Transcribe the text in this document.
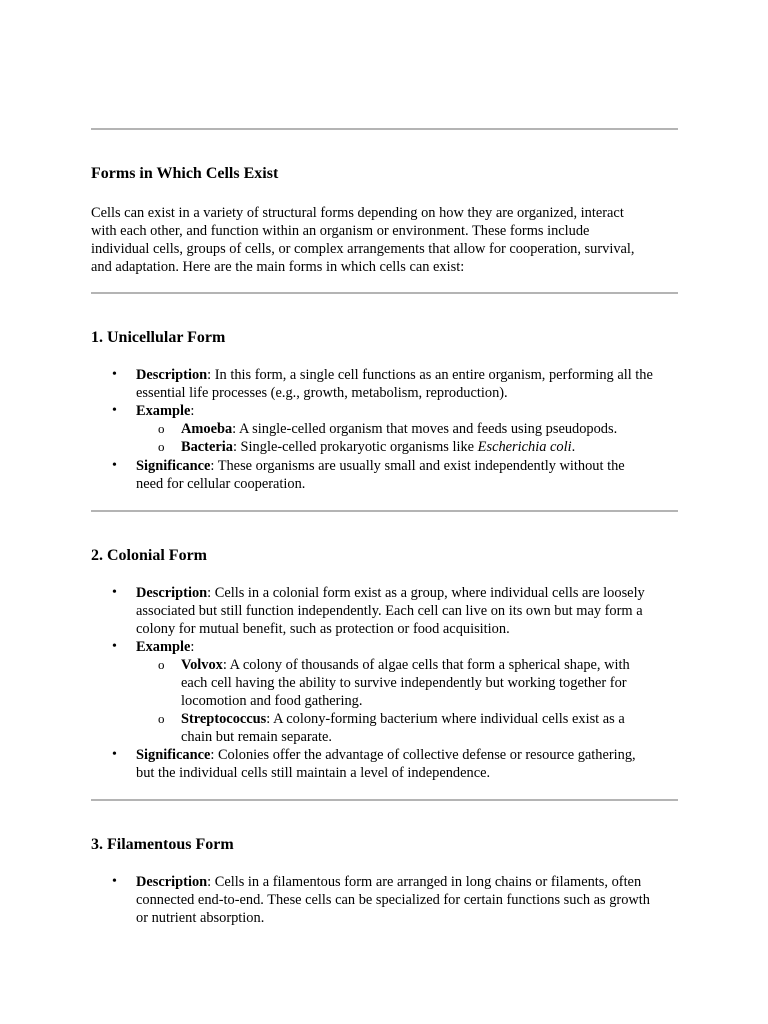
Forms in Which Cells Exist
Cells can exist in a variety of structural forms depending on how they are organized, interact
with each other, and function within an organism or environment. These forms include
individual cells, groups of cells, or complex arrangements that allow for cooperation, survival,
and adaptation. Here are the main forms in which cells can exist:
1. Unicellular Form
•	Description: In this form, a single cell functions as an entire organism, performing all the
essential life processes (e.g., growth, metabolism, reproduction).
•	Example:
o Amoeba: A single-celled organism that moves and feeds using pseudopods.
o Bacteria: Single-celled prokaryotic organisms like Escherichia coli.
•	Significance: These organisms are usually small and exist independently without the
need for cellular cooperation.
2. Colonial Form
•	Description: Cells in a colonial form exist as a group, where individual cells are loosely
associated but still function independently. Each cell can live on its own but may form a
colony for mutual benefit, such as protection or food acquisition.
•	Example:
o Volvox: A colony of thousands of algae cells that form a spherical shape, with
each cell having the ability to survive independently but working together for
locomotion and food gathering.
o Streptococcus: A colony-forming bacterium where individual cells exist as a
chain but remain separate.
•	Significance: Colonies offer the advantage of collective defense or resource gathering,
but the individual cells still maintain a level of independence.
3. Filamentous Form
•	Description: Cells in a filamentous form are arranged in long chains or filaments, often
connected end-to-end. These cells can be specialized for certain functions such as growth
or nutrient absorption.
